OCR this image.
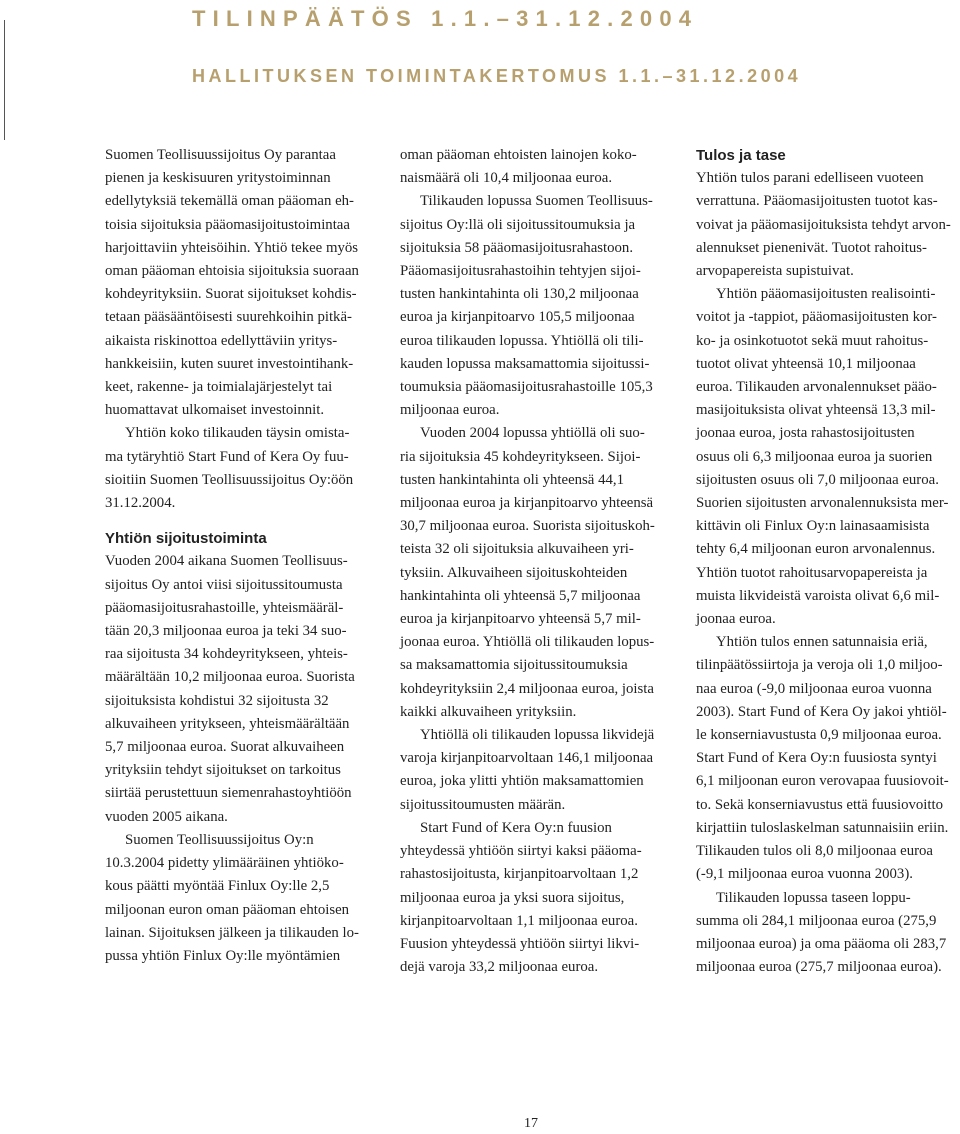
TILINPÄÄTÖS 1.1.–31.12.2004
HALLITUKSEN TOIMINTAKERTOMUS 1.1.–31.12.2004
Suomen Teollisuussijoitus Oy parantaa
pienen ja keskisuuren yritystoiminnan
edellytyksiä tekemällä oman pääoman eh-
toisia sijoituksia pääomasijoitustoimintaa
harjoittaviin yhteisöihin. Yhtiö tekee myös
oman pääoman ehtoisia sijoituksia suoraan
kohdeyrityksiin. Suorat sijoitukset kohdis-
tetaan pääsääntöisesti suurehkoihin pitkä-
aikaista riskinottoa edellyttäviin yritys-
hankkeisiin, kuten suuret investointihank-
keet, rakenne- ja toimialajärjestelyt tai
huomattavat ulkomaiset investoinnit.
Yhtiön koko tilikauden täysin omista-
ma tytäryhtiö Start Fund of Kera Oy fuu-
sioitiin Suomen Teollisuussijoitus Oy:öön
31.12.2004.
Yhtiön sijoitustoiminta
Vuoden 2004 aikana Suomen Teollisuus-
sijoitus Oy antoi viisi sijoitussitoumusta
pääomasijoitusrahastoille, yhteismääräl-
tään 20,3 miljoonaa euroa ja teki 34 suo-
raa sijoitusta 34 kohdeyritykseen, yhteis-
määrältään 10,2 miljoonaa euroa. Suorista
sijoituksista kohdistui 32 sijoitusta 32
alkuvaiheen yritykseen, yhteismäärältään
5,7 miljoonaa euroa. Suorat alkuvaiheen
yrityksiin tehdyt sijoitukset on tarkoitus
siirtää perustettuun siemenrahastoyhtiöön
vuoden 2005 aikana.
Suomen Teollisuussijoitus Oy:n
10.3.2004 pidetty ylimääräinen yhtiöko-
kous päätti myöntää Finlux Oy:lle 2,5
miljoonan euron oman pääoman ehtoisen
lainan. Sijoituksen jälkeen ja tilikauden lo-
pussa yhtiön Finlux Oy:lle myöntämien
oman pääoman ehtoisten lainojen koko-
naismäärä oli 10,4 miljoonaa euroa.
Tilikauden lopussa Suomen Teollisuus-
sijoitus Oy:llä oli sijoitussitoumuksia ja
sijoituksia 58 pääomasijoitusrahastoon.
Pääomasijoitusrahastoihin tehtyjen sijoi-
tusten hankintahinta oli 130,2 miljoonaa
euroa ja kirjanpitoarvo 105,5 miljoonaa
euroa tilikauden lopussa. Yhtiöllä oli tili-
kauden lopussa maksamattomia sijoitussi-
toumuksia pääomasijoitusrahastoille 105,3
miljoonaa euroa.
Vuoden 2004 lopussa yhtiöllä oli suo-
ria sijoituksia 45 kohdeyritykseen. Sijoi-
tusten hankintahinta oli yhteensä 44,1
miljoonaa euroa ja kirjanpitoarvo yhteensä
30,7 miljoonaa euroa. Suorista sijoituskoh-
teista 32 oli sijoituksia alkuvaiheen yri-
tyksiin. Alkuvaiheen sijoituskohteiden
hankintahinta oli yhteensä 5,7 miljoonaa
euroa ja kirjanpitoarvo yhteensä 5,7 mil-
joonaa euroa. Yhtiöllä oli tilikauden lopus-
sa maksamattomia sijoitussitoumuksia
kohdeyrityksiin 2,4 miljoonaa euroa, joista
kaikki alkuvaiheen yrityksiin.
Yhtiöllä oli tilikauden lopussa likvidejä
varoja kirjanpitoarvoltaan 146,1 miljoonaa
euroa, joka ylitti yhtiön maksamattomien
sijoitussitoumusten määrän.
Start Fund of Kera Oy:n fuusion
yhteydessä yhtiöön siirtyi kaksi pääoma-
rahastosijoitusta, kirjanpitoarvoltaan 1,2
miljoonaa euroa ja yksi suora sijoitus,
kirjanpitoarvoltaan 1,1 miljoonaa euroa.
Fuusion yhteydessä yhtiöön siirtyi likvi-
dejä varoja 33,2 miljoonaa euroa.
Tulos ja tase
Yhtiön tulos parani edelliseen vuoteen
verrattuna. Pääomasijoitusten tuotot kas-
voivat ja pääomasijoituksista tehdyt arvon-
alennukset pienenivät. Tuotot rahoitus-
arvopapereista supistuivat.
Yhtiön pääomasijoitusten realisointi-
voitot ja -tappiot, pääomasijoitusten kor-
ko- ja osinkotuotot sekä muut rahoitus-
tuotot olivat yhteensä 10,1 miljoonaa
euroa. Tilikauden arvonalennukset pääo-
masijoituksista olivat yhteensä 13,3 mil-
joonaa euroa, josta rahastosijoitusten
osuus oli 6,3 miljoonaa euroa ja suorien
sijoitusten osuus oli 7,0 miljoonaa euroa.
Suorien sijoitusten arvonalennuksista mer-
kittävin oli Finlux Oy:n lainasaamisista
tehty 6,4 miljoonan euron arvonalennus.
Yhtiön tuotot rahoitusarvopapereista ja
muista likvideistä varoista olivat 6,6 mil-
joonaa euroa.
Yhtiön tulos ennen satunnaisia eriä,
tilinpäätössiirtoja ja veroja oli 1,0 miljoo-
naa euroa (-9,0 miljoonaa euroa vuonna
2003). Start Fund of Kera Oy jakoi yhtiöl-
le konserniavustusta 0,9 miljoonaa euroa.
Start Fund of Kera Oy:n fuusiosta syntyi
6,1 miljoonan euron verovapaa fuusiovoit-
to. Sekä konserniavustus että fuusiovoitto
kirjattiin tuloslaskelman satunnaisiin eriin.
Tilikauden tulos oli 8,0 miljoonaa euroa
(-9,1 miljoonaa euroa vuonna 2003).
Tilikauden lopussa taseen loppu-
summa oli 284,1 miljoonaa euroa (275,9
miljoonaa euroa) ja oma pääoma oli 283,7
miljoonaa euroa (275,7 miljoonaa euroa).
17
